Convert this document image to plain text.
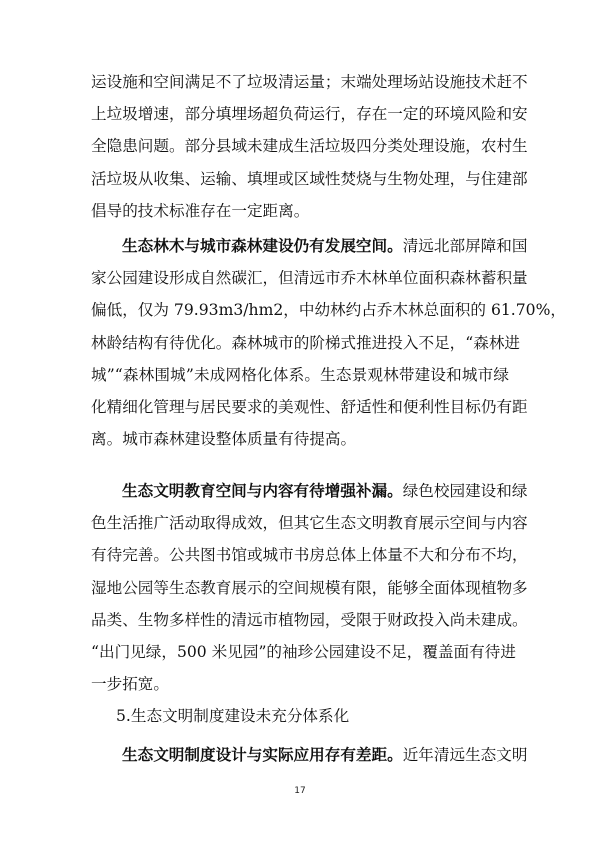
运设施和空间满足不了垃圾清运量；末端处理场站设施技术赶不
上垃圾增速，部分填埋场超负荷运行，存在一定的环境风险和安
全隐患问题。部分县域未建成生活垃圾四分类处理设施，农村生
活垃圾从收集、运输、填埋或区域性焚烧与生物处理，与住建部
倡导的技术标准存在一定距离。
生态林木与城市森林建设仍有发展空间。清远北部屏障和国
家公园建设形成自然碳汇，但清远市乔木林单位面积森林蓄积量
偏低，仅为 79.93m3/hm2，中幼林约占乔木林总面积的 61.70%，
林龄结构有待优化。森林城市的阶梯式推进投入不足，“森林进
城”“森林围城”未成网格化体系。生态景观林带建设和城市绿
化精细化管理与居民要求的美观性、舒适性和便利性目标仍有距
离。城市森林建设整体质量有待提高。
生态文明教育空间与内容有待增强补漏。绿色校园建设和绿
色生活推广活动取得成效，但其它生态文明教育展示空间与内容
有待完善。公共图书馆或城市书房总体上体量不大和分布不均，
湿地公园等生态教育展示的空间规模有限，能够全面体现植物多
品类、生物多样性的清远市植物园，受限于财政投入尚未建成。
“出门见绿，500 米见园”的袖珍公园建设不足，覆盖面有待进
一步拓宽。
5.生态文明制度建设未充分体系化
生态文明制度设计与实际应用存有差距。近年清远生态文明
17
